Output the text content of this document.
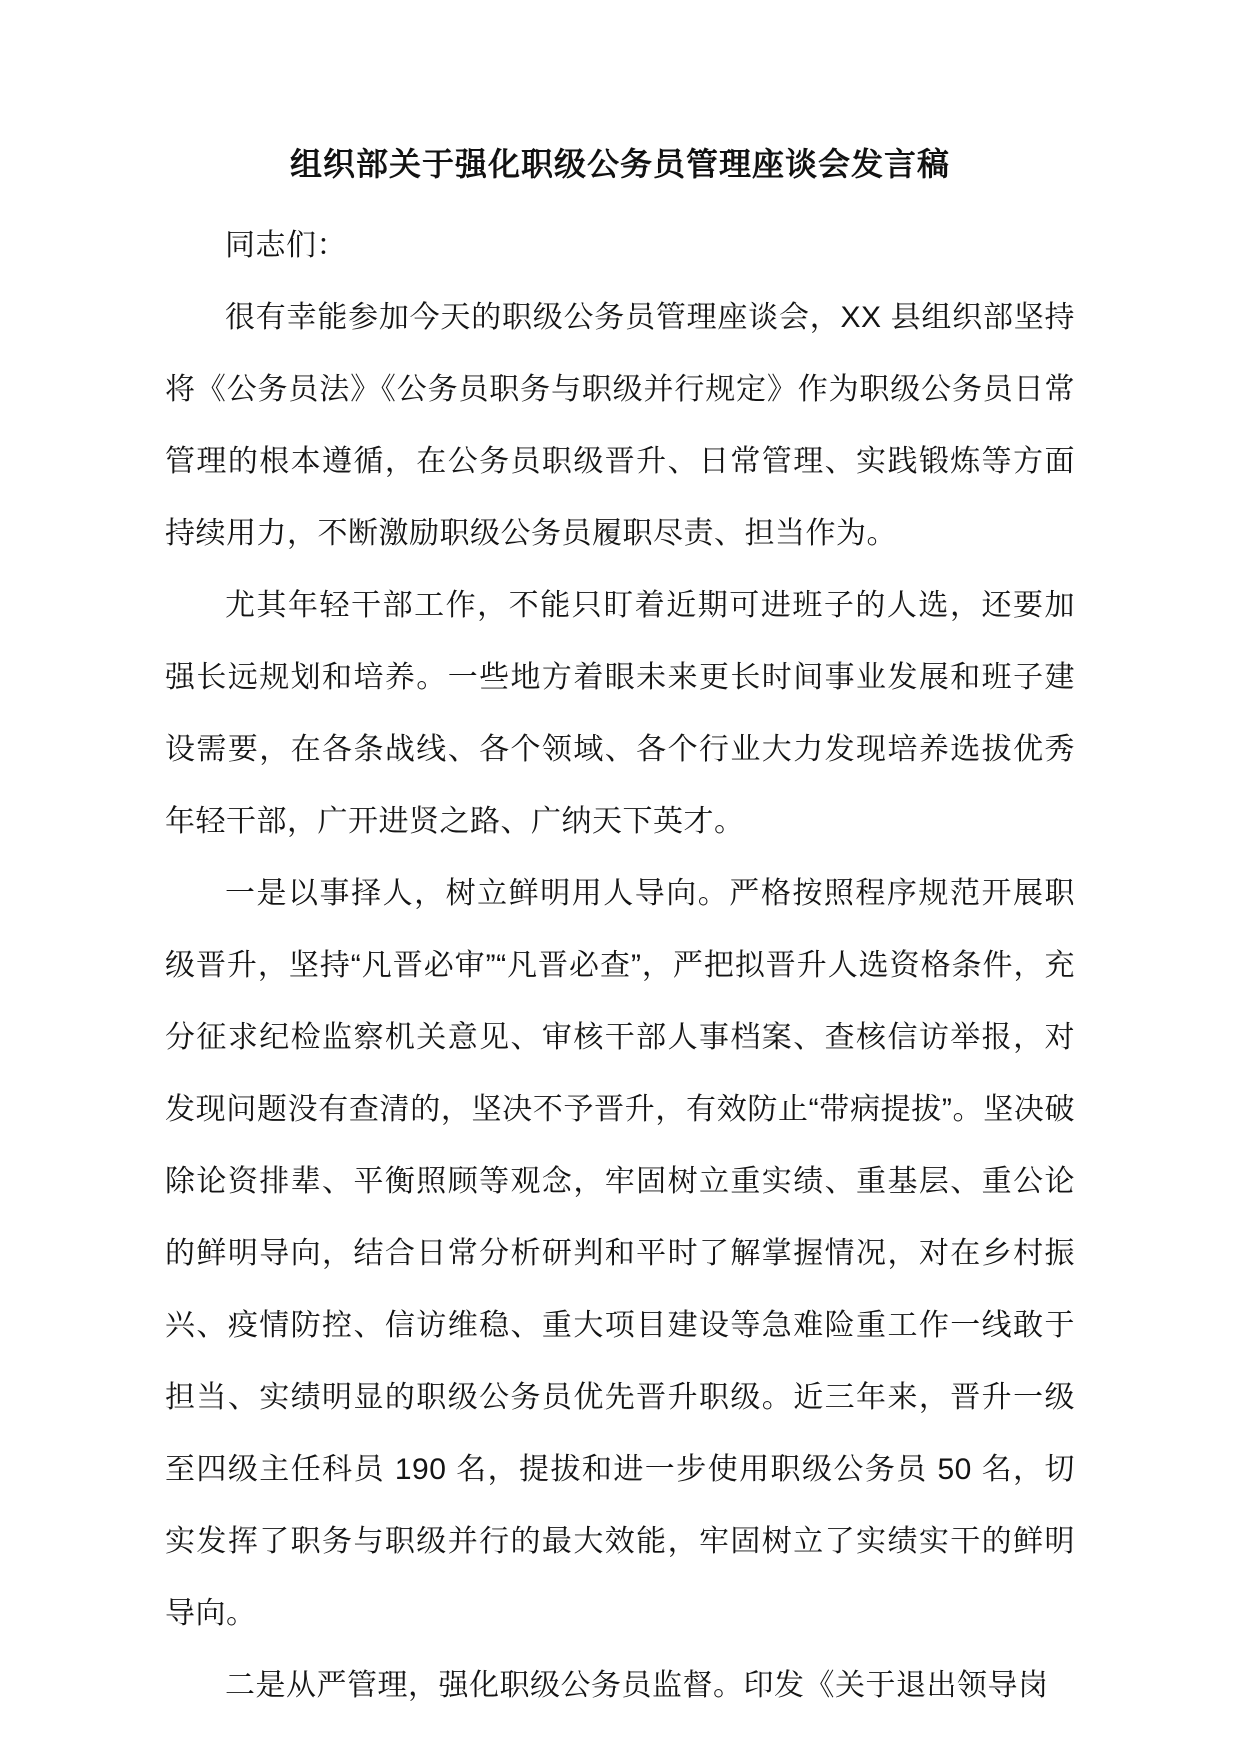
组织部关于强化职级公务员管理座谈会发言稿

同志们：

很有幸能参加今天的职级公务员管理座谈会，XX 县组织部坚持将《公务员法》《公务员职务与职级并行规定》作为职级公务员日常管理的根本遵循，在公务员职级晋升、日常管理、实践锻炼等方面持续用力，不断激励职级公务员履职尽责、担当作为。

尤其年轻干部工作，不能只盯着近期可进班子的人选，还要加强长远规划和培养。一些地方着眼未来更长时间事业发展和班子建设需要，在各条战线、各个领域、各个行业大力发现培养选拔优秀年轻干部，广开进贤之路、广纳天下英才。

一是以事择人，树立鲜明用人导向。严格按照程序规范开展职级晋升，坚持“凡晋必审”“凡晋必查”，严把拟晋升人选资格条件，充分征求纪检监察机关意见、审核干部人事档案、查核信访举报，对发现问题没有查清的，坚决不予晋升，有效防止“带病提拔”。坚决破除论资排辈、平衡照顾等观念，牢固树立重实绩、重基层、重公论的鲜明导向，结合日常分析研判和平时了解掌握情况，对在乡村振兴、疫情防控、信访维稳、重大项目建设等急难险重工作一线敢于担当、实绩明显的职级公务员优先晋升职级。近三年来，晋升一级至四级主任科员 190 名，提拔和进一步使用职级公务员 50 名，切实发挥了职务与职级并行的最大效能，牢固树立了实绩实干的鲜明导向。

二是从严管理，强化职级公务员监督。印发《关于退出领导岗
